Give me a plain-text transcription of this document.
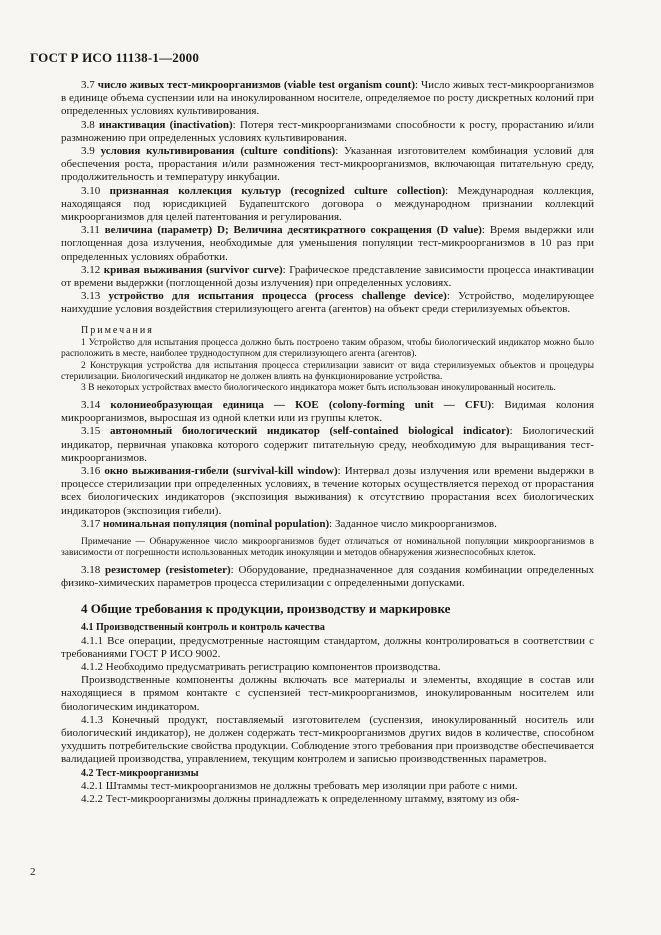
ГОСТ Р ИСО 11138-1—2000

3.7 число живых тест-микроорганизмов (viable test organism count): Число живых тест-микроорганизмов в единице объема суспензии или на инокулированном носителе, определяемое по росту дискретных колоний при определенных условиях культивирования.

3.8 инактивация (inactivation): Потеря тест-микроорганизмами способности к росту, прорастанию и/или размножению при определенных условиях культивирования.

3.9 условия культивирования (culture conditions): Указанная изготовителем комбинация условий для обеспечения роста, прорастания и/или размножения тест-микроорганизмов, включающая питательную среду, продолжительность и температуру инкубации.

3.10 признанная коллекция культур (recognized culture collection): Международная коллекция, находящаяся под юрисдикцией Будапештского договора о международном признании коллекций микроорганизмов для целей патентования и регулирования.

3.11 величина (параметр) D; Величина десятикратного сокращения (D value): Время выдержки или поглощенная доза излучения, необходимые для уменьшения популяции тест-микроорганизмов в 10 раз при определенных условиях обработки.

3.12 кривая выживания (survivor curve): Графическое представление зависимости процесса инактивации от времени выдержки (поглощенной дозы излучения) при определенных условиях.

3.13 устройство для испытания процесса (process challenge device): Устройство, моделирующее наихудшие условия воздействия стерилизующего агента (агентов) на объект среди стерилизуемых объектов.

Примечания

1 Устройство для испытания процесса должно быть построено таким образом, чтобы биологический индикатор можно было расположить в месте, наиболее труднодоступном для стерилизующего агента (агентов).

2 Конструкция устройства для испытания процесса стерилизации зависит от вида стерилизуемых объектов и процедуры стерилизации. Биологический индикатор не должен влиять на функционирование устройства.

3 В некоторых устройствах вместо биологического индикатора может быть использован инокулированный носитель.

3.14 колониеобразующая единица — КОЕ (colony-forming unit — CFU): Видимая колония микроорганизмов, выросшая из одной клетки или из группы клеток.

3.15 автономный биологический индикатор (self-contained biological indicator): Биологический индикатор, первичная упаковка которого содержит питательную среду, необходимую для выращивания тест-микроорганизмов.

3.16 окно выживания-гибели (survival-kill window): Интервал дозы излучения или времени выдержки в процессе стерилизации при определенных условиях, в течение которых осуществляется переход от прорастания всех биологических индикаторов (экспозиция выживания) к отсутствию прорастания всех биологических индикаторов (экспозиция гибели).

3.17 номинальная популяция (nominal population): Заданное число микроорганизмов.

Примечание — Обнаруженное число микроорганизмов будет отличаться от номинальной популяции микроорганизмов в зависимости от погрешности использованных методик инокуляции и методов обнаружения жизнеспособных клеток.

3.18 резистомер (resistometer): Оборудование, предназначенное для создания комбинации определенных физико-химических параметров процесса стерилизации с определенными допусками.

4 Общие требования к продукции, производству и маркировке

4.1 Производственный контроль и контроль качества

4.1.1 Все операции, предусмотренные настоящим стандартом, должны контролироваться в соответствии с требованиями ГОСТ Р ИСО 9002.

4.1.2 Необходимо предусматривать регистрацию компонентов производства.

Производственные компоненты должны включать все материалы и элементы, входящие в состав или находящиеся в прямом контакте с суспензией тест-микроорганизмов, инокулированным носителем или биологическим индикатором.

4.1.3 Конечный продукт, поставляемый изготовителем (суспензия, инокулированный носитель или биологический индикатор), не должен содержать тест-микроорганизмов других видов в количестве, способном ухудшить потребительские свойства продукции. Соблюдение этого требования при производстве обеспечивается валидацией производства, управлением, текущим контролем и записью производственных параметров.

4.2 Тест-микроорганизмы

4.2.1 Штаммы тест-микроорганизмов не должны требовать мер изоляции при работе с ними.

4.2.2 Тест-микроорганизмы должны принадлежать к определенному штамму, взятому из обя-

2
